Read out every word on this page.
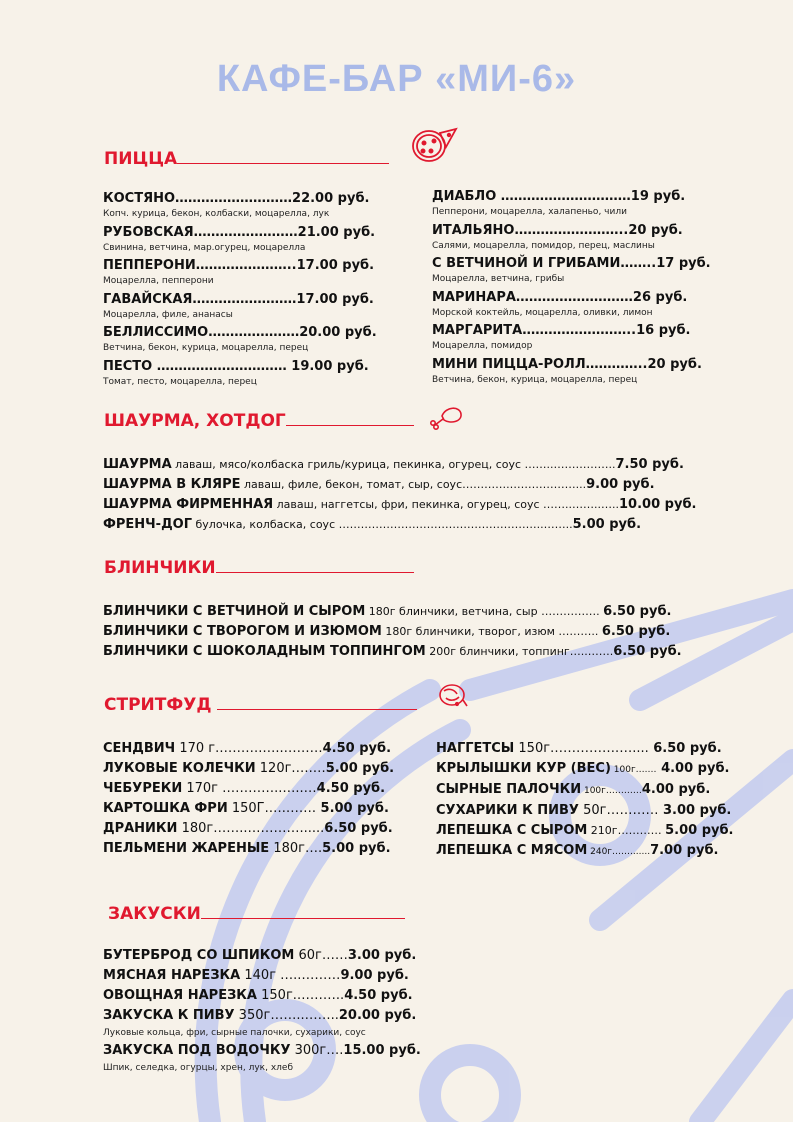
КАФЕ-БАР «МИ-6»
ПИЦЦА
КОСТЯНО………………………22.00 руб.
Копч. курица, бекон, колбаски, моцарелла, лук
РУБОВСКАЯ……………………21.00 руб.
Свинина, ветчина, мар.огурец, моцарелла
ПЕППЕРОНИ…………………..17.00 руб.
Моцарелла, пепперони
ГАВАЙСКАЯ……………………17.00 руб.
Моцарелла, филе, ананасы
БЕЛЛИССИМО…………………20.00 руб.
Ветчина, бекон, курица, моцарелла, перец
ПЕСТО ………………………… 19.00 руб.
Томат, песто, моцарелла, перец
ДИАБЛО …………………………19 руб.
Пепперони, моцарелла, халапеньо, чили
ИТАЛЬЯНО……………………..20 руб.
Салями, моцарелла, помидор, перец, маслины
С ВЕТЧИНОЙ И ГРИБАМИ……..17 руб.
Моцарелла, ветчина, грибы
МАРИНАРА………………………26 руб.
Морской коктейль, моцарелла, оливки, лимон
МАРГАРИТА……………………..16 руб.
Моцарелла, помидор
МИНИ ПИЦЦА-РОЛЛ…………..20 руб.
Ветчина, бекон, курица, моцарелла, перец
ШАУРМА, ХОТДОГ
ШАУРМА лаваш, мясо/колбаска гриль/курица, пекинка, огурец, соус ……..……………..7.50 руб.
ШАУРМА В КЛЯРЕ лаваш, филе, бекон, томат, сыр, соус………….………………...9.00 руб.
ШАУРМА ФИРМЕННАЯ лаваш, наггетсы, фри, пекинка, огурец, соус ……..……..…..10.00 руб.
ФРЕНЧ-ДОГ булочка, колбаска, соус ………………………………………………..……..5.00 руб.
БЛИНЧИКИ
БЛИНЧИКИ С ВЕТЧИНОЙ И СЫРОМ 180г блинчики, ветчина, сыр ……………. 6.50 руб.
БЛИНЧИКИ С ТВОРОГОМ И ИЗЮМОМ 180г блинчики, творог, изюм ……….. 6.50 руб.
БЛИНЧИКИ С ШОКОЛАДНЫМ ТОППИНГОМ 200г блинчики, топпинг…..…….6.50 руб.
СТРИТФУД
СЕНДВИЧ 170 г.……….…..………4.50 руб.
ЛУКОВЫЕ КОЛЕЧКИ 120г.….…5.00 руб.
ЧЕБУРЕКИ 170г …………..…..…4.50 руб.
КАРТОШКА ФРИ 150Г.….……. 5.00 руб.
ДРАНИКИ 180г……..…………......6.50 руб.
ПЕЛЬМЕНИ ЖАРЕНЫЕ 180г….5.00 руб.
НАГГЕТСЫ 150г…………….….... 6.50 руб.
КРЫЛЫШКИ КУР (ВЕС) 100г….… 4.00 руб.
СЫРНЫЕ ПАЛОЧКИ 100г…………4.00 руб.
СУХАРИКИ К ПИВУ 50г………… 3.00 руб.
ЛЕПЕШКА С СЫРОМ 210г………… 5.00 руб.
ЛЕПЕШКА С МЯСОМ 240г…….......7.00 руб.
ЗАКУСКИ
БУТЕРБРОД СО ШПИКОМ 60г……3.00 руб.
МЯСНАЯ НАРЕЗКА 140г …..………9.00 руб.
ОВОЩНАЯ НАРЕЗКА 150г.………..4.50 руб.
ЗАКУСКА К ПИВУ 350г……..……..20.00 руб.
Луковые кольца, фри, сырные палочки, сухарики, соус
ЗАКУСКА ПОД ВОДОЧКУ 300г….15.00 руб.
Шпик, селедка, огурцы, хрен, лук, хлеб
